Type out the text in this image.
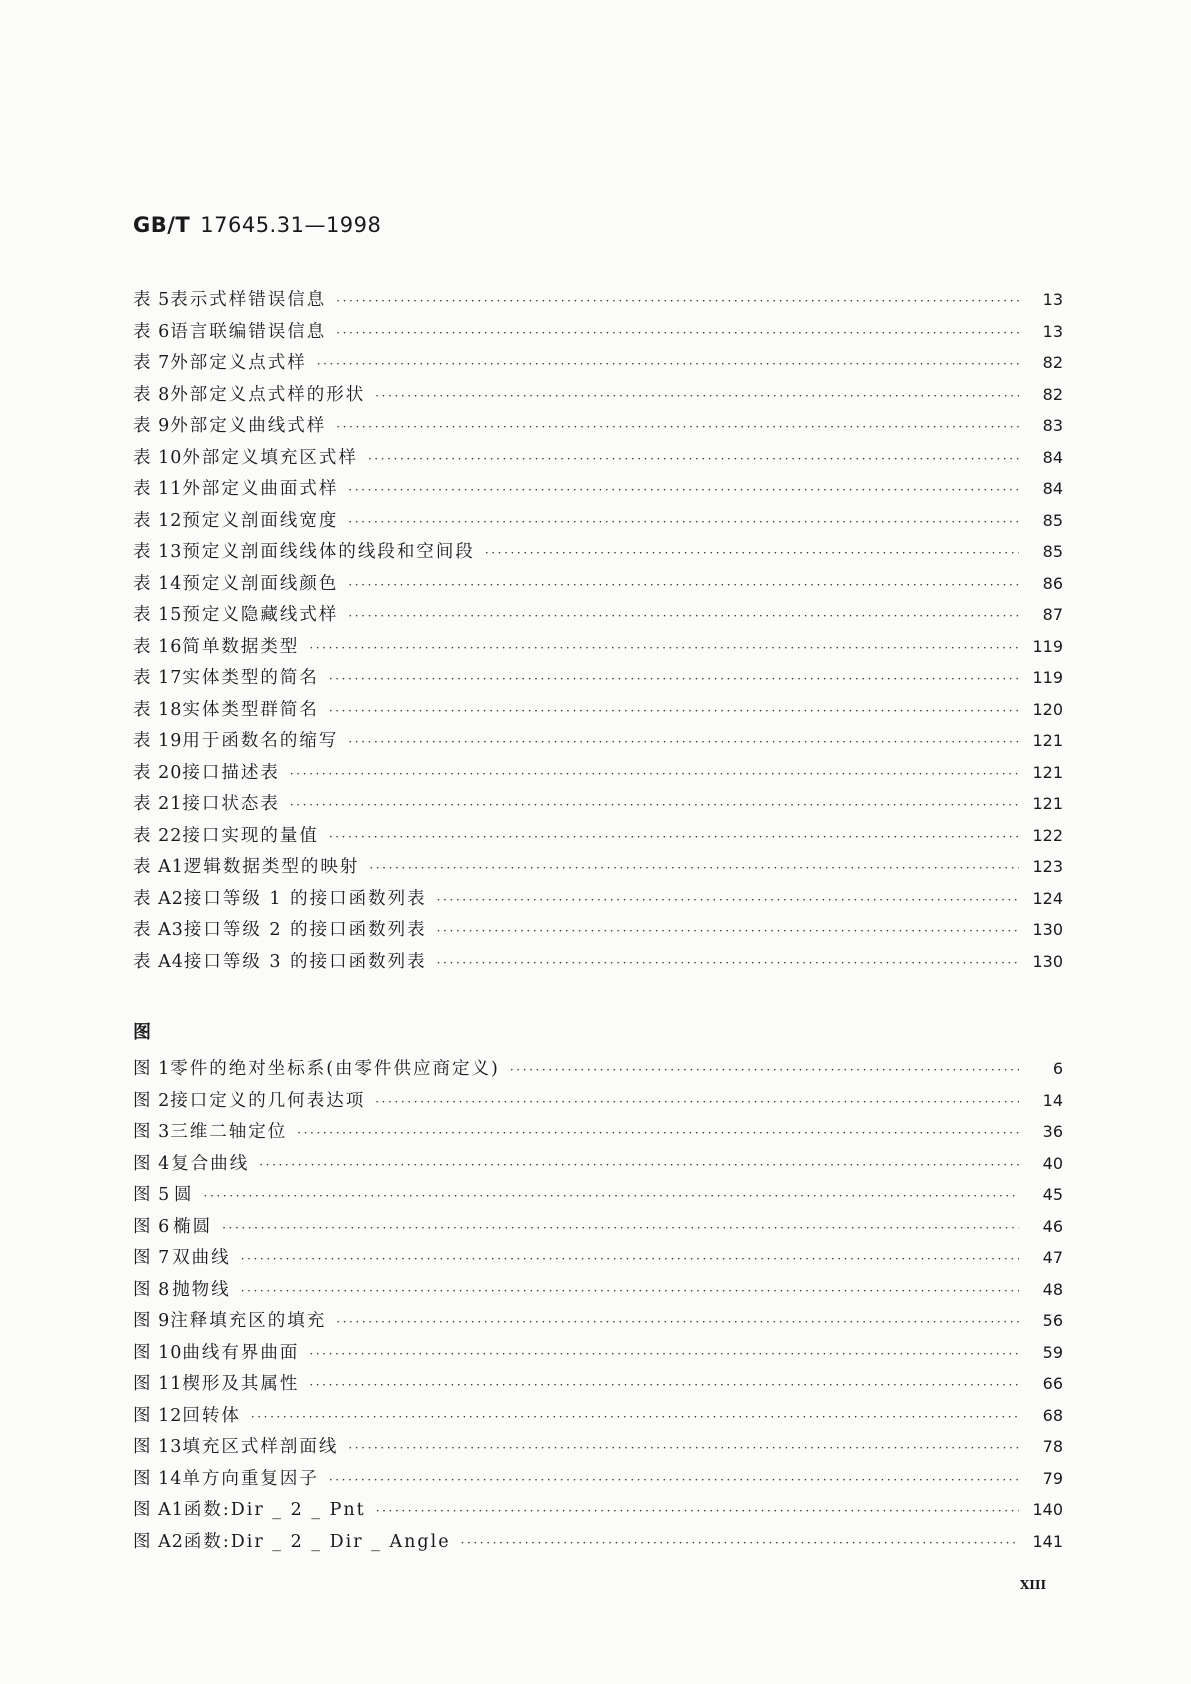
GB/T 17645.31—1998
表 5 表示式样错误信息 ·····	13
表 6 语言联编错误信息 ·····	13
表 7 外部定义点式样 ·····	82
表 8 外部定义点式样的形状 ·····	82
表 9 外部定义曲线式样 ·····	83
表 10 外部定义填充区式样 ·····	84
表 11 外部定义曲面式样 ·····	84
表 12 预定义剖面线宽度 ·····	85
表 13 预定义剖面线线体的线段和空间段 ·····	85
表 14 预定义剖面线颜色 ·····	86
表 15 预定义隐藏线式样 ·····	87
表 16 简单数据类型 ·····	119
表 17 实体类型的简名 ·····	119
表 18 实体类型群简名 ·····	120
表 19 用于函数名的缩写 ·····	121
表 20 接口描述表 ·····	121
表 21 接口状态表 ·····	121
表 22 接口实现的量值 ·····	122
表 A1 逻辑数据类型的映射 ·····	123
表 A2 接口等级 1 的接口函数列表 ·····	124
表 A3 接口等级 2 的接口函数列表 ·····	130
表 A4 接口等级 3 的接口函数列表 ·····	130
图
图 1 零件的绝对坐标系(由零件供应商定义) ·····	6
图 2 接口定义的几何表达项 ·····	14
图 3 三维二轴定位 ·····	36
图 4 复合曲线 ·····	40
图 5 圆 ·····	45
图 6 椭圆 ·····	46
图 7 双曲线 ·····	47
图 8 抛物线 ·····	48
图 9 注释填充区的填充 ·····	56
图 10 曲线有界曲面 ·····	59
图 11 楔形及其属性 ·····	66
图 12 回转体 ·····	68
图 13 填充区式样剖面线 ·····	78
图 14 单方向重复因子 ·····	79
图 A1 函数:Dir _ 2 _ Pnt ·····	140
图 A2 函数:Dir _ 2 _ Dir _ Angle ·····	141
XIII
